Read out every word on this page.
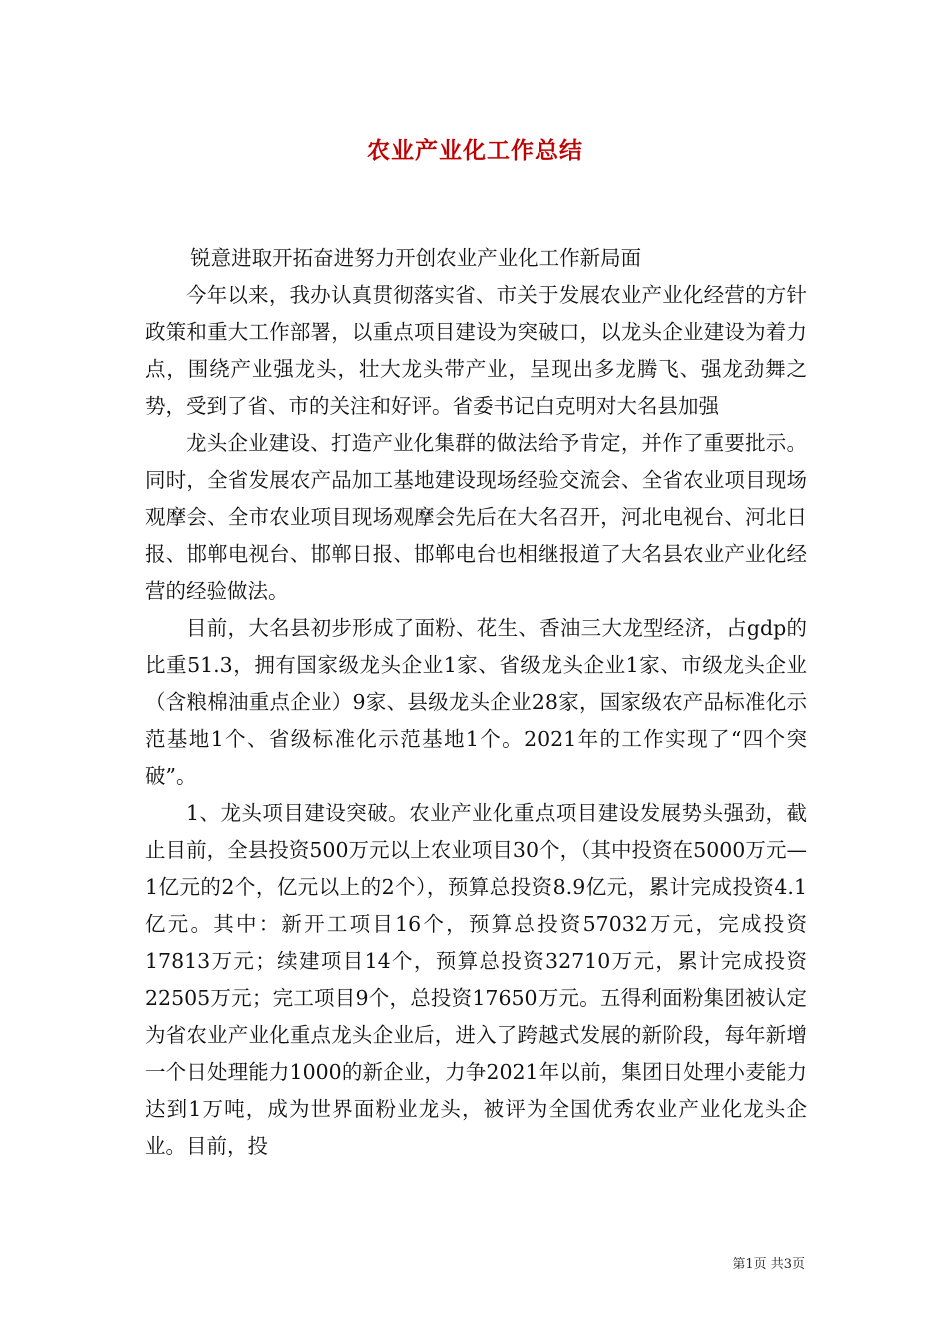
农业产业化工作总结

锐意进取开拓奋进努力开创农业产业化工作新局面

今年以来，我办认真贯彻落实省、市关于发展农业产业化经营的方针政策和重大工作部署，以重点项目建设为突破口，以龙头企业建设为着力点，围绕产业强龙头，壮大龙头带产业，呈现出多龙腾飞、强龙劲舞之势，受到了省、市的关注和好评。省委书记白克明对大名县加强

龙头企业建设、打造产业化集群的做法给予肯定，并作了重要批示。同时，全省发展农产品加工基地建设现场经验交流会、全省农业项目现场观摩会、全市农业项目现场观摩会先后在大名召开，河北电视台、河北日报、邯郸电视台、邯郸日报、邯郸电台也相继报道了大名县农业产业化经营的经验做法。

目前，大名县初步形成了面粉、花生、香油三大龙型经济，占gdp的比重51.3，拥有国家级龙头企业1家、省级龙头企业1家、市级龙头企业（含粮棉油重点企业）9家、县级龙头企业28家，国家级农产品标准化示范基地1个、省级标准化示范基地1个。2021年的工作实现了“四个突破”。

1、龙头项目建设突破。农业产业化重点项目建设发展势头强劲，截止目前，全县投资500万元以上农业项目30个，（其中投资在5000万元—1亿元的2个，亿元以上的2个），预算总投资8.9亿元，累计完成投资4.1亿元。其中：新开工项目16个，预算总投资57032万元，完成投资17813万元；续建项目14个，预算总投资32710万元，累计完成投资22505万元；完工项目9个，总投资17650万元。五得利面粉集团被认定为省农业产业化重点龙头企业后，进入了跨越式发展的新阶段，每年新增一个日处理能力1000的新企业，力争2021年以前，集团日处理小麦能力达到1万吨，成为世界面粉业龙头，被评为全国优秀农业产业化龙头企业。目前，投

第1页 共3页
